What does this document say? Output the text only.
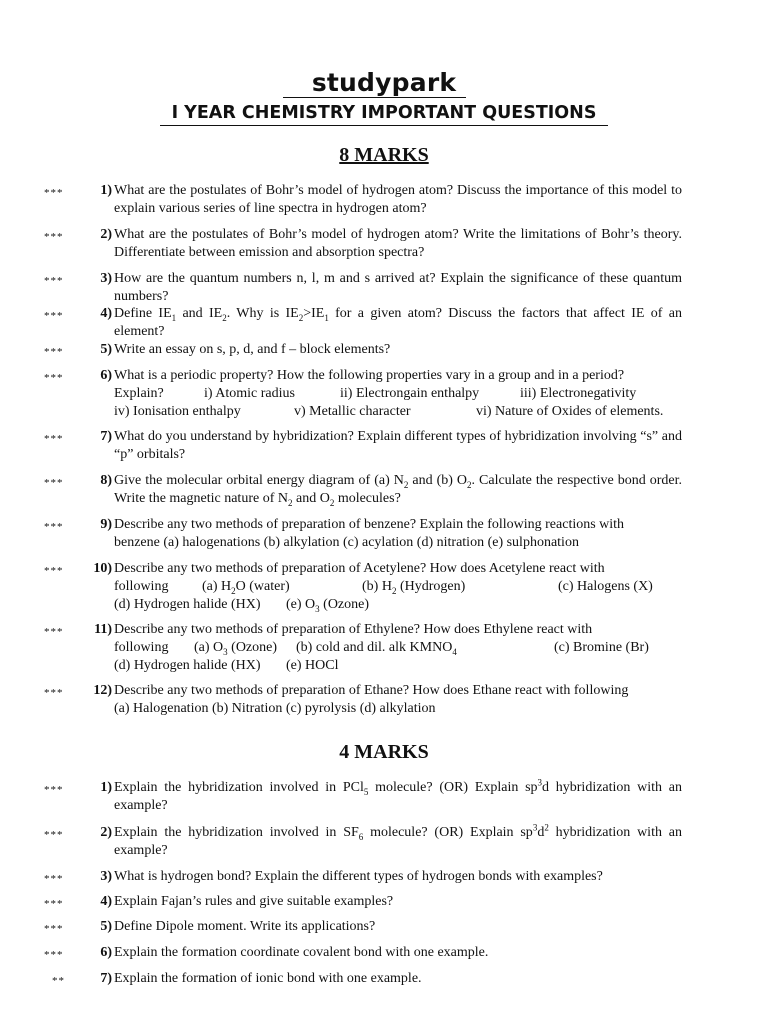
studypark
I YEAR CHEMISTRY IMPORTANT QUESTIONS
8 MARKS
***	1) What are the postulates of Bohr’s model of hydrogen atom? Discuss the importance of this model to explain various series of line spectra in hydrogen atom?
***	2) What are the postulates of Bohr’s model of hydrogen atom? Write the limitations of Bohr’s theory. Differentiate between emission and absorption spectra?
***	3) How are the quantum numbers n, l, m and s arrived at? Explain the significance of these quantum numbers?
***	4) Define $IE_1$ and $IE_2$. Why is $IE_2>IE_1$ for a given atom? Discuss the factors that affect IE of an element?
***	5) Write an essay on s, p, d, and f – block elements?
***	6) What is a periodic property? How the following properties vary in a group and in a period?
Explain?	i) Atomic radius	ii) Electrongain enthalpy	iii) Electronegativity
iv) Ionisation enthalpy	v) Metallic character	vi) Nature of Oxides of elements.
***	7) What do you understand by hybridization? Explain different types of hybridization involving “s” and “p” orbitals?
***	8) Give the molecular orbital energy diagram of (a) $N_2$ and (b) $O_2$. Calculate the respective bond order. Write the magnetic nature of $N_2$ and $O_2$ molecules?
***	9) Describe any two methods of preparation of benzene? Explain the following reactions with
benzene (a) halogenations (b) alkylation (c) acylation (d) nitration (e) sulphonation
***	10) Describe any two methods of preparation of Acetylene? How does Acetylene react with
following (a) $H_2O$ (water)	(b) $H_2$ (Hydrogen)	(c) Halogens (X)
(d) Hydrogen halide (HX) (e) $O_3$ (Ozone)
***	11) Describe any two methods of preparation of Ethylene? How does Ethylene react with
following (a) $O_3$ (Ozone) (b) cold and dil. alk $KMNO_4$	(c) Bromine (Br)
(d) Hydrogen halide (HX) (e) HOCl
***	12) Describe any two methods of preparation of Ethane? How does Ethane react with following
(a) Halogenation (b) Nitration (c) pyrolysis (d) alkylation
4 MARKS
***	1) Explain the hybridization involved in PCl$_5$ molecule? (OR) Explain $sp^3d$ hybridization with an example?
***	2) Explain the hybridization involved in $SF_6$ molecule? (OR) Explain $sp^3d^2$ hybridization with an example?
***	3) What is hydrogen bond? Explain the different types of hydrogen bonds with examples?
***	4) Explain Fajan’s rules and give suitable examples?
***	5) Define Dipole moment. Write its applications?
***	6) Explain the formation coordinate covalent bond with one example.
**	7) Explain the formation of ionic bond with one example.
